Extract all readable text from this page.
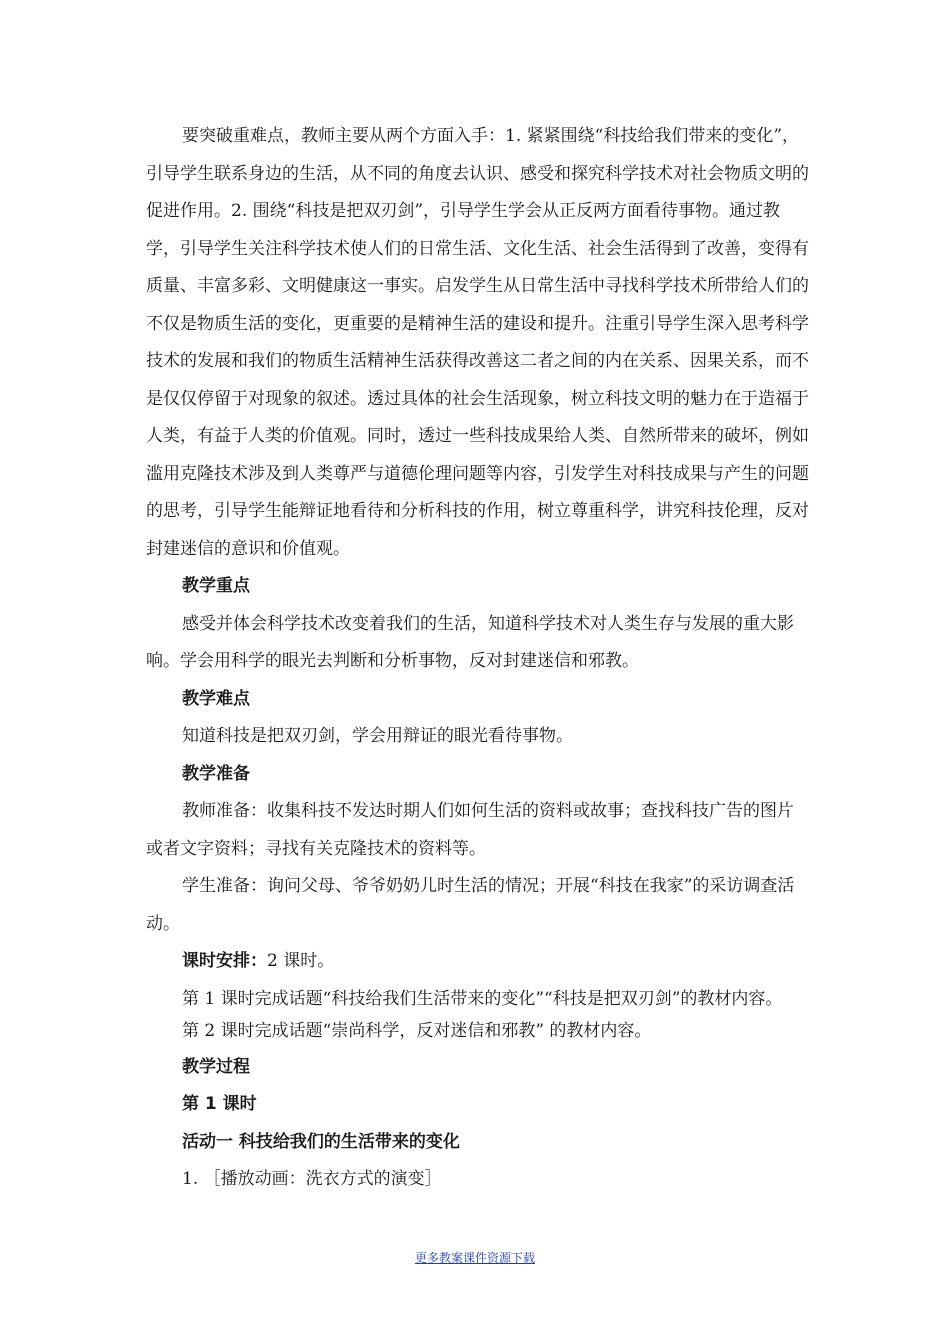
要突破重难点，教师主要从两个方面入手：1. 紧紧围绕“科技给我们带来的变化”，引导学生联系身边的生活，从不同的角度去认识、感受和探究科学技术对社会物质文明的促进作用。2. 围绕“科技是把双刃剑”，引导学生学会从正反两方面看待事物。通过教学，引导学生关注科学技术使人们的日常生活、文化生活、社会生活得到了改善，变得有质量、丰富多彩、文明健康这一事实。启发学生从日常生活中寻找科学技术所带给人们的不仅是物质生活的变化，更重要的是精神生活的建设和提升。注重引导学生深入思考科学技术的发展和我们的物质生活精神生活获得改善这二者之间的内在关系、因果关系，而不是仅仅停留于对现象的叙述。透过具体的社会生活现象，树立科技文明的魅力在于造福于人类，有益于人类的价值观。同时，透过一些科技成果给人类、自然所带来的破坏，例如滥用克隆技术涉及到人类尊严与道德伦理问题等内容，引发学生对科技成果与产生的问题的思考，引导学生能辩证地看待和分析科技的作用，树立尊重科学，讲究科技伦理，反对封建迷信的意识和价值观。

教学重点

感受并体会科学技术改变着我们的生活，知道科学技术对人类生存与发展的重大影响。学会用科学的眼光去判断和分析事物，反对封建迷信和邪教。

教学难点

知道科技是把双刃剑，学会用辩证的眼光看待事物。

教学准备

教师准备：收集科技不发达时期人们如何生活的资料或故事；查找科技广告的图片或者文字资料；寻找有关克隆技术的资料等。

学生准备：询问父母、爷爷奶奶儿时生活的情况；开展“科技在我家”的采访调查活动。

课时安排：2 课时。

第 1 课时完成话题“科技给我们生活带来的变化”“科技是把双刃剑”的教材内容。

第 2 课时完成话题“崇尚科学，反对迷信和邪教” 的教材内容。

教学过程

第 1 课时

活动一 科技给我们的生活带来的变化

1. ［播放动画：洗衣方式的演变］

更多教案课件资源下载
